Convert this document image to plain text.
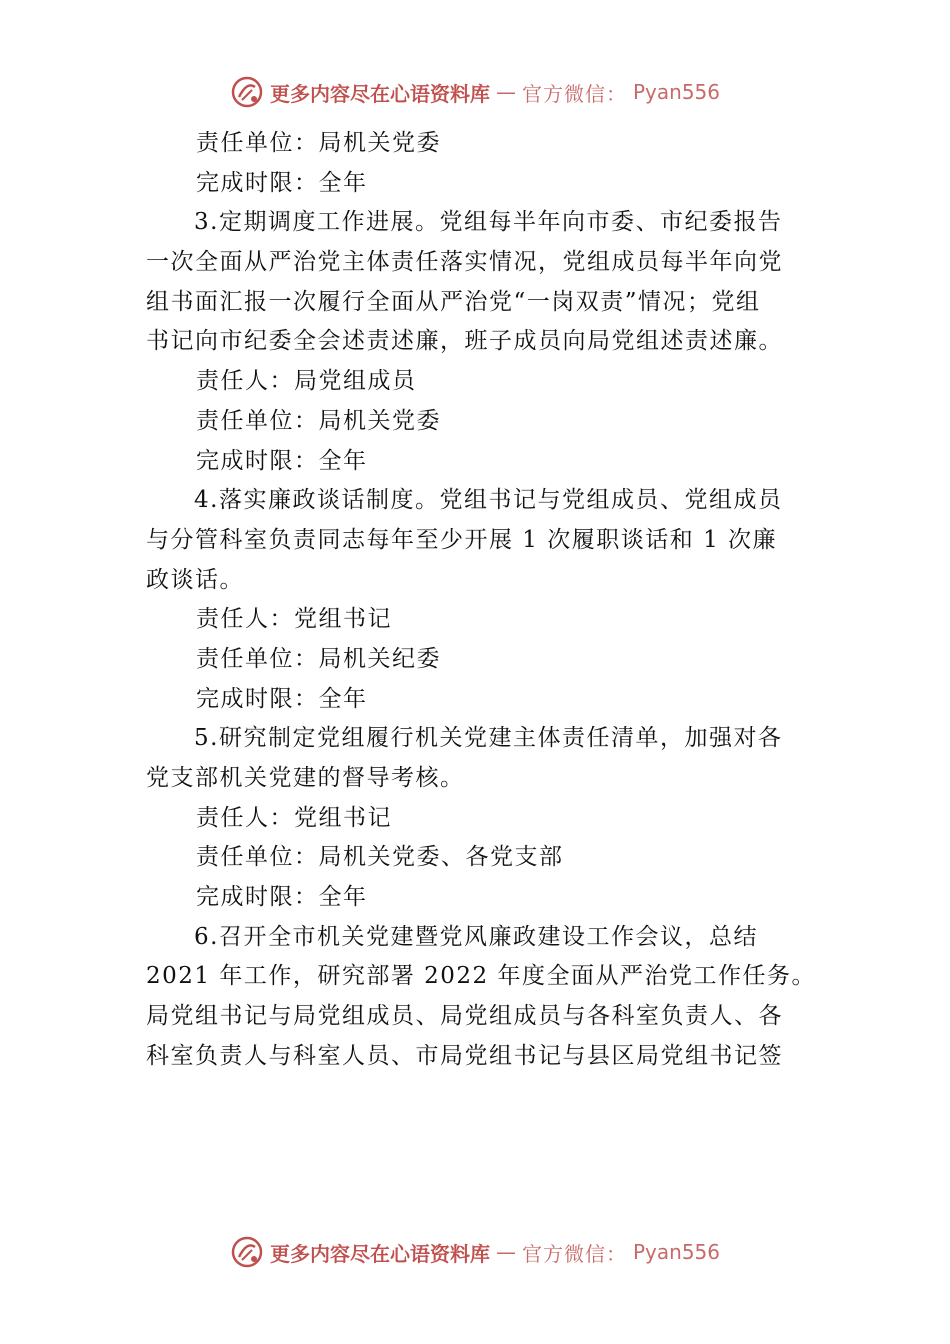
更多内容尽在心语资料库 — 官方微信： Pyan556
责任单位：局机关党委
完成时限：全年
3.定期调度工作进展。党组每半年向市委、市纪委报告
一次全面从严治党主体责任落实情况，党组成员每半年向党
组书面汇报一次履行全面从严治党“一岗双责”情况；党组
书记向市纪委全会述责述廉，班子成员向局党组述责述廉。
责任人：局党组成员
责任单位：局机关党委
完成时限：全年
4.落实廉政谈话制度。党组书记与党组成员、党组成员
与分管科室负责同志每年至少开展 1 次履职谈话和 1 次廉
政谈话。
责任人：党组书记
责任单位：局机关纪委
完成时限：全年
5.研究制定党组履行机关党建主体责任清单，加强对各
党支部机关党建的督导考核。
责任人：党组书记
责任单位：局机关党委、各党支部
完成时限：全年
6.召开全市机关党建暨党风廉政建设工作会议，总结
2021 年工作，研究部署 2022 年度全面从严治党工作任务。
局党组书记与局党组成员、局党组成员与各科室负责人、各
科室负责人与科室人员、市局党组书记与县区局党组书记签
更多内容尽在心语资料库 — 官方微信： Pyan556
